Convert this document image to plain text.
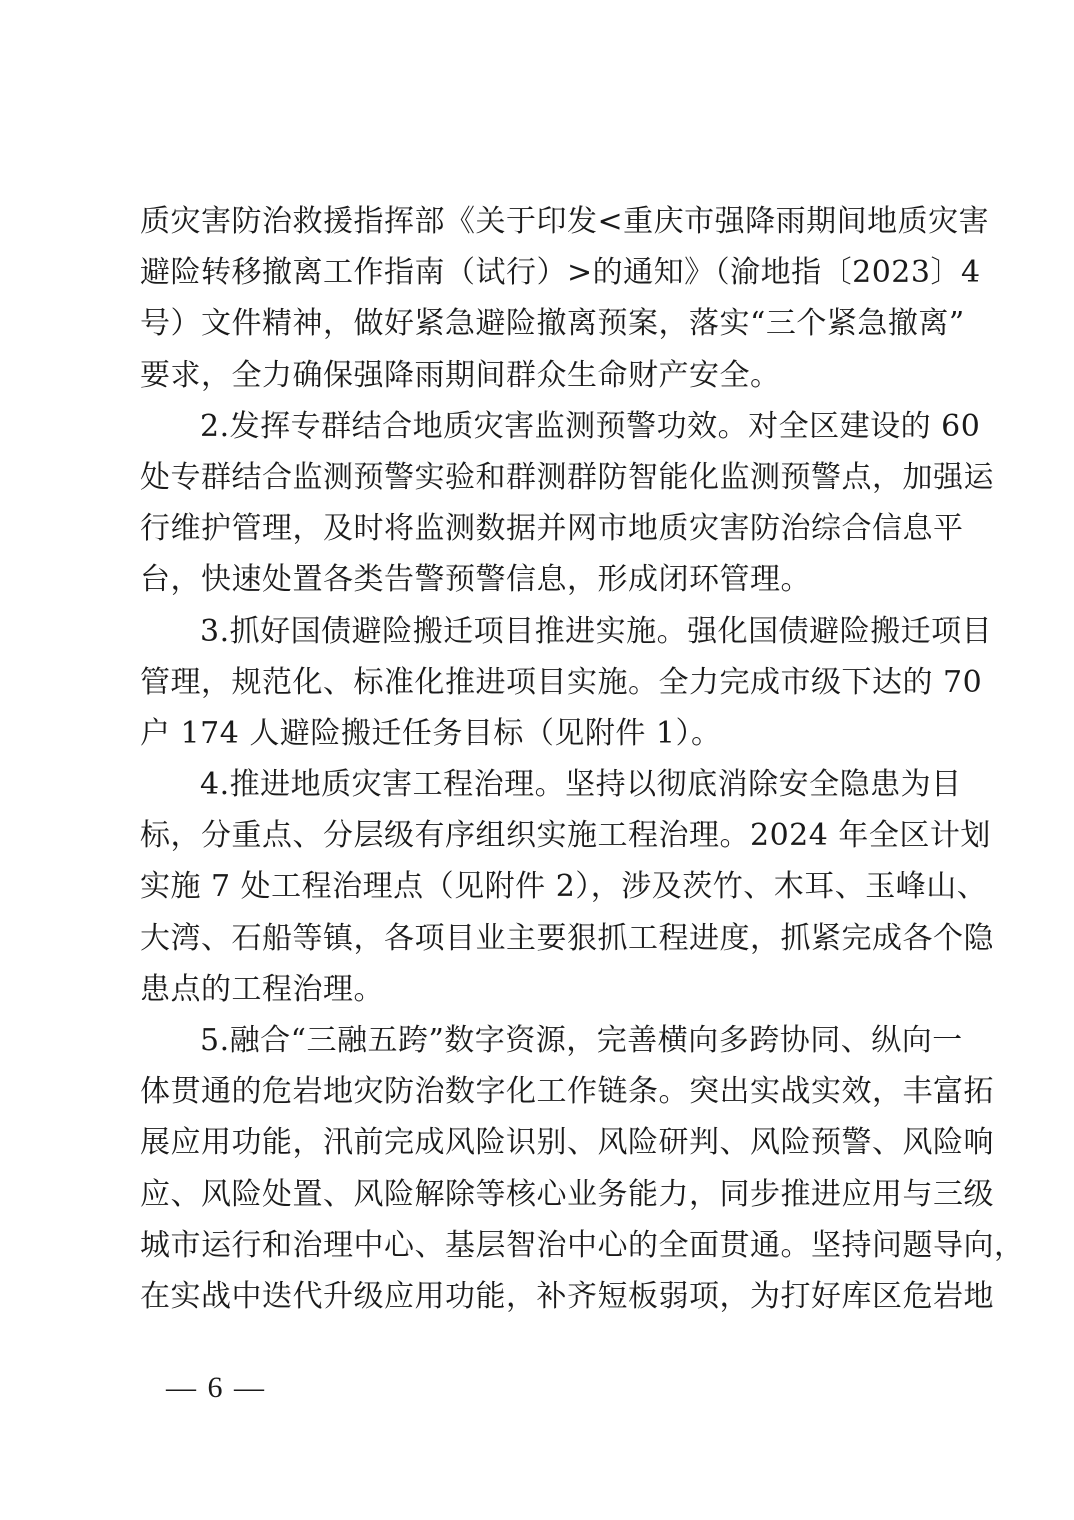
质灾害防治救援指挥部《关于印发<重庆市强降雨期间地质灾害
避险转移撤离工作指南（试行）>的通知》（渝地指〔2023〕4
号）文件精神，做好紧急避险撤离预案，落实“三个紧急撤离”
要求，全力确保强降雨期间群众生命财产安全。
2.发挥专群结合地质灾害监测预警功效。对全区建设的 60
处专群结合监测预警实验和群测群防智能化监测预警点，加强运
行维护管理，及时将监测数据并网市地质灾害防治综合信息平
台，快速处置各类告警预警信息，形成闭环管理。
3.抓好国债避险搬迁项目推进实施。强化国债避险搬迁项目
管理，规范化、标准化推进项目实施。全力完成市级下达的 70
户 174 人避险搬迁任务目标（见附件 1）。
4.推进地质灾害工程治理。坚持以彻底消除安全隐患为目
标，分重点、分层级有序组织实施工程治理。2024 年全区计划
实施 7 处工程治理点（见附件 2），涉及茨竹、木耳、玉峰山、
大湾、石船等镇，各项目业主要狠抓工程进度，抓紧完成各个隐
患点的工程治理。
5.融合“三融五跨”数字资源，完善横向多跨协同、纵向一
体贯通的危岩地灾防治数字化工作链条。突出实战实效，丰富拓
展应用功能，汛前完成风险识别、风险研判、风险预警、风险响
应、风险处置、风险解除等核心业务能力，同步推进应用与三级
城市运行和治理中心、基层智治中心的全面贯通。坚持问题导向，
在实战中迭代升级应用功能，补齐短板弱项，为打好库区危岩地
— 6 —
